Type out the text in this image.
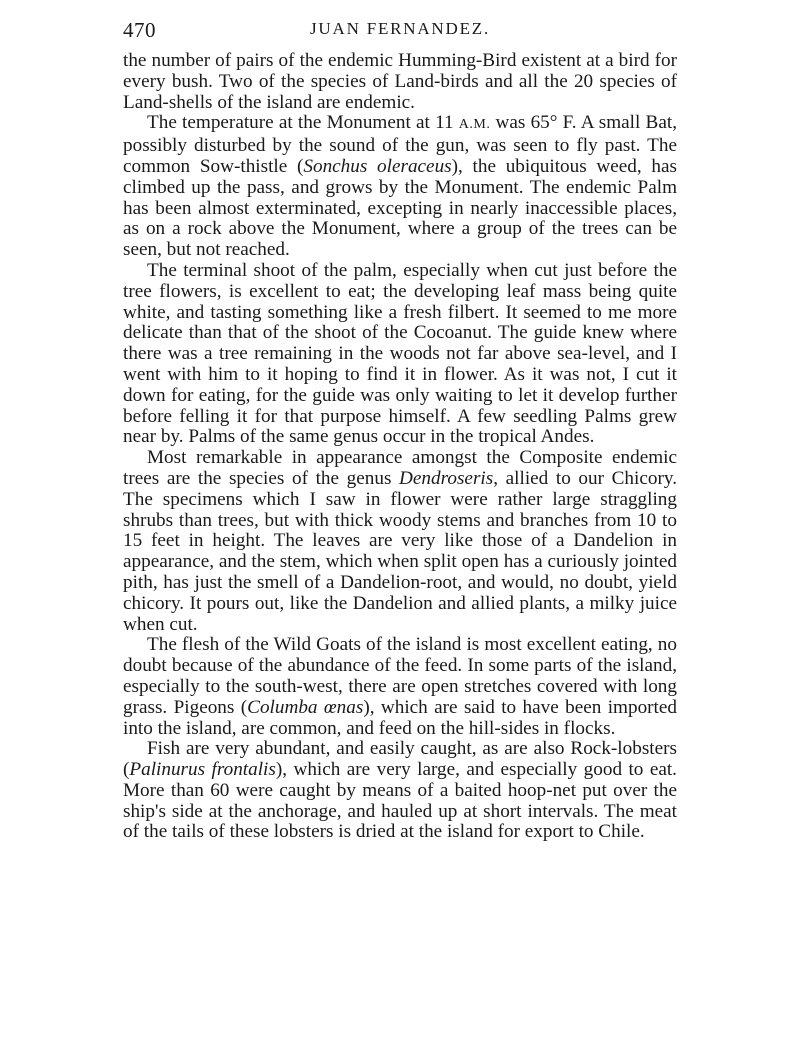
470	JUAN FERNANDEZ.

the number of pairs of the endemic Humming-Bird existent at a bird for every bush. Two of the species of Land-birds and all the 20 species of Land-shells of the island are endemic.

The temperature at the Monument at 11 A.M. was 65° F. A small Bat, possibly disturbed by the sound of the gun, was seen to fly past. The common Sow-thistle (Sonchus oleraceus), the ubiquitous weed, has climbed up the pass, and grows by the Monument. The endemic Palm has been almost exterminated, excepting in nearly inaccessible places, as on a rock above the Monument, where a group of the trees can be seen, but not reached.

The terminal shoot of the palm, especially when cut just before the tree flowers, is excellent to eat; the developing leaf mass being quite white, and tasting something like a fresh filbert. It seemed to me more delicate than that of the shoot of the Cocoanut. The guide knew where there was a tree remaining in the woods not far above sea-level, and I went with him to it hoping to find it in flower. As it was not, I cut it down for eating, for the guide was only waiting to let it develop further before felling it for that purpose himself. A few seedling Palms grew near by. Palms of the same genus occur in the tropical Andes.

Most remarkable in appearance amongst the Composite endemic trees are the species of the genus Dendroseris, allied to our Chicory. The specimens which I saw in flower were rather large straggling shrubs than trees, but with thick woody stems and branches from 10 to 15 feet in height. The leaves are very like those of a Dandelion in appearance, and the stem, which when split open has a curiously jointed pith, has just the smell of a Dandelion-root, and would, no doubt, yield chicory. It pours out, like the Dandelion and allied plants, a milky juice when cut.

The flesh of the Wild Goats of the island is most excellent eating, no doubt because of the abundance of the feed. In some parts of the island, especially to the south-west, there are open stretches covered with long grass. Pigeons (Columba œnas), which are said to have been imported into the island, are common, and feed on the hill-sides in flocks.

Fish are very abundant, and easily caught, as are also Rock-lobsters (Palinurus frontalis), which are very large, and especially good to eat. More than 60 were caught by means of a baited hoop-net put over the ship's side at the anchorage, and hauled up at short intervals. The meat of the tails of these lobsters is dried at the island for export to Chile.
